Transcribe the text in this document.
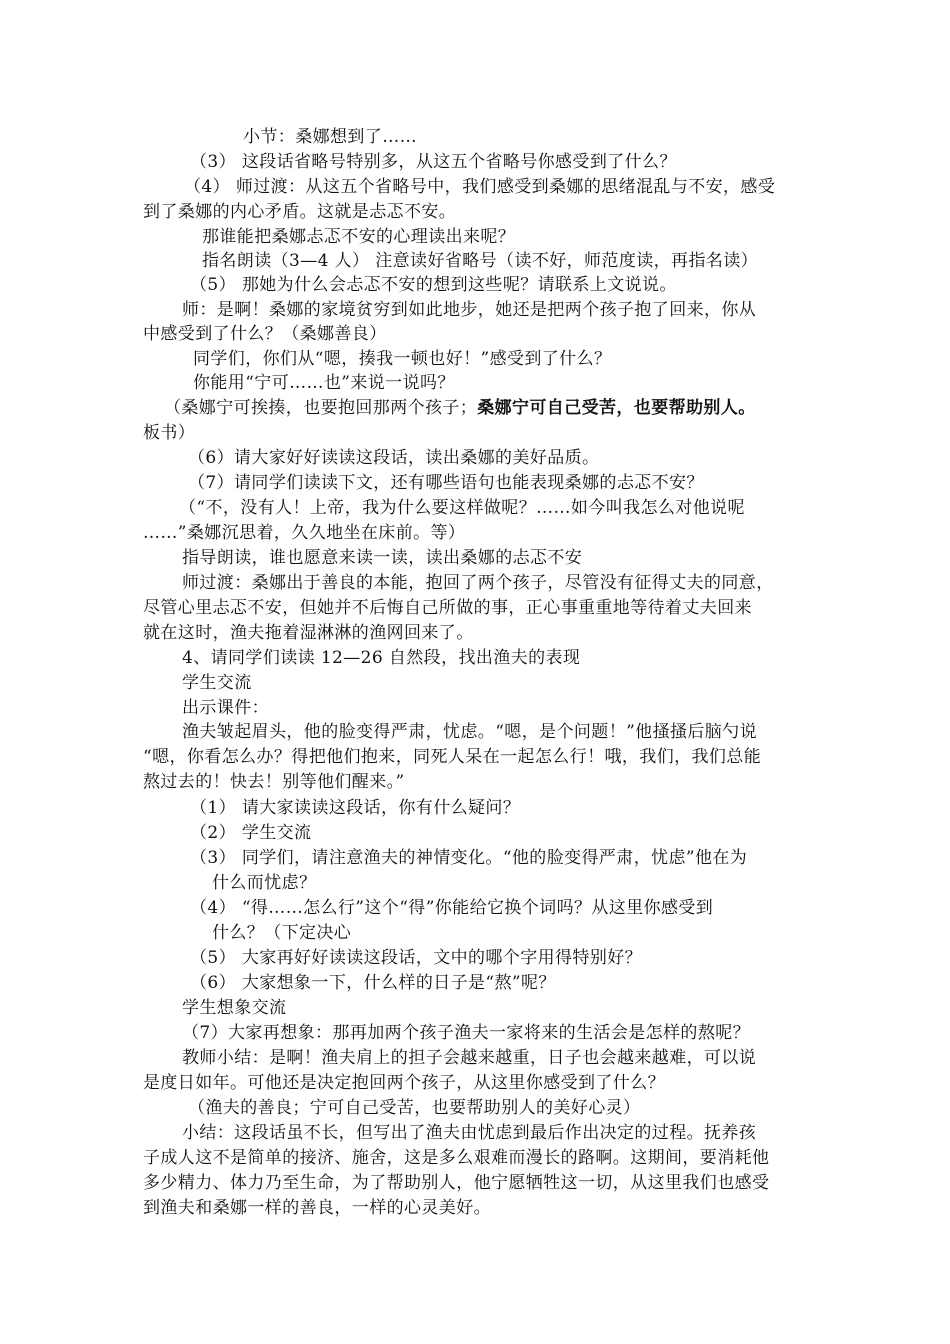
小节：桑娜想到了……
（3） 这段话省略号特别多，从这五个省略号你感受到了什么？
（4） 师过渡：从这五个省略号中，我们感受到桑娜的思绪混乱与不安，感受
到了桑娜的内心矛盾。这就是忐忑不安。
那谁能把桑娜忐忑不安的心理读出来呢？
指名朗读（3—4 人） 注意读好省略号（读不好，师范度读，再指名读）
（5） 那她为什么会忐忑不安的想到这些呢？请联系上文说说。
师：是啊！桑娜的家境贫穷到如此地步，她还是把两个孩子抱了回来，你从
中感受到了什么？（桑娜善良）
同学们，你们从“嗯，揍我一顿也好！”感受到了什么？
你能用“宁可……也”来说一说吗？
（桑娜宁可挨揍，也要抱回那两个孩子；桑娜宁可自己受苦，也要帮助别人。
板书）
（6）请大家好好读读这段话，读出桑娜的美好品质。
（7）请同学们读读下文，还有哪些语句也能表现桑娜的忐忑不安？
（“不，没有人！上帝，我为什么要这样做呢？……如今叫我怎么对他说呢
……”桑娜沉思着，久久地坐在床前。等）
指导朗读，谁也愿意来读一读，读出桑娜的忐忑不安
师过渡：桑娜出于善良的本能，抱回了两个孩子，尽管没有征得丈夫的同意，
尽管心里忐忑不安，但她并不后悔自己所做的事，正心事重重地等待着丈夫回来
就在这时，渔夫拖着湿淋淋的渔网回来了。
4、请同学们读读 12—26 自然段，找出渔夫的表现
学生交流
出示课件：
渔夫皱起眉头，他的脸变得严肃，忧虑。“嗯，是个问题！”他搔搔后脑勺说
“嗯，你看怎么办？得把他们抱来，同死人呆在一起怎么行！哦，我们，我们总能
熬过去的！快去！别等他们醒来。”
（1） 请大家读读这段话，你有什么疑问？
（2） 学生交流
（3） 同学们，请注意渔夫的神情变化。“他的脸变得严肃，忧虑”他在为
什么而忧虑？
（4） “得……怎么行”这个“得”你能给它换个词吗？从这里你感受到
什么？（下定决心
（5） 大家再好好读读这段话，文中的哪个字用得特别好？
（6） 大家想象一下，什么样的日子是“熬”呢？
学生想象交流
（7）大家再想象：那再加两个孩子渔夫一家将来的生活会是怎样的熬呢？
教师小结：是啊！渔夫肩上的担子会越来越重，日子也会越来越难，可以说
是度日如年。可他还是决定抱回两个孩子，从这里你感受到了什么？
（渔夫的善良；宁可自己受苦，也要帮助别人的美好心灵）
小结：这段话虽不长，但写出了渔夫由忧虑到最后作出决定的过程。抚养孩
子成人这不是简单的接济、施舍，这是多么艰难而漫长的路啊。这期间，要消耗他
多少精力、体力乃至生命，为了帮助别人，他宁愿牺牲这一切，从这里我们也感受
到渔夫和桑娜一样的善良，一样的心灵美好。
